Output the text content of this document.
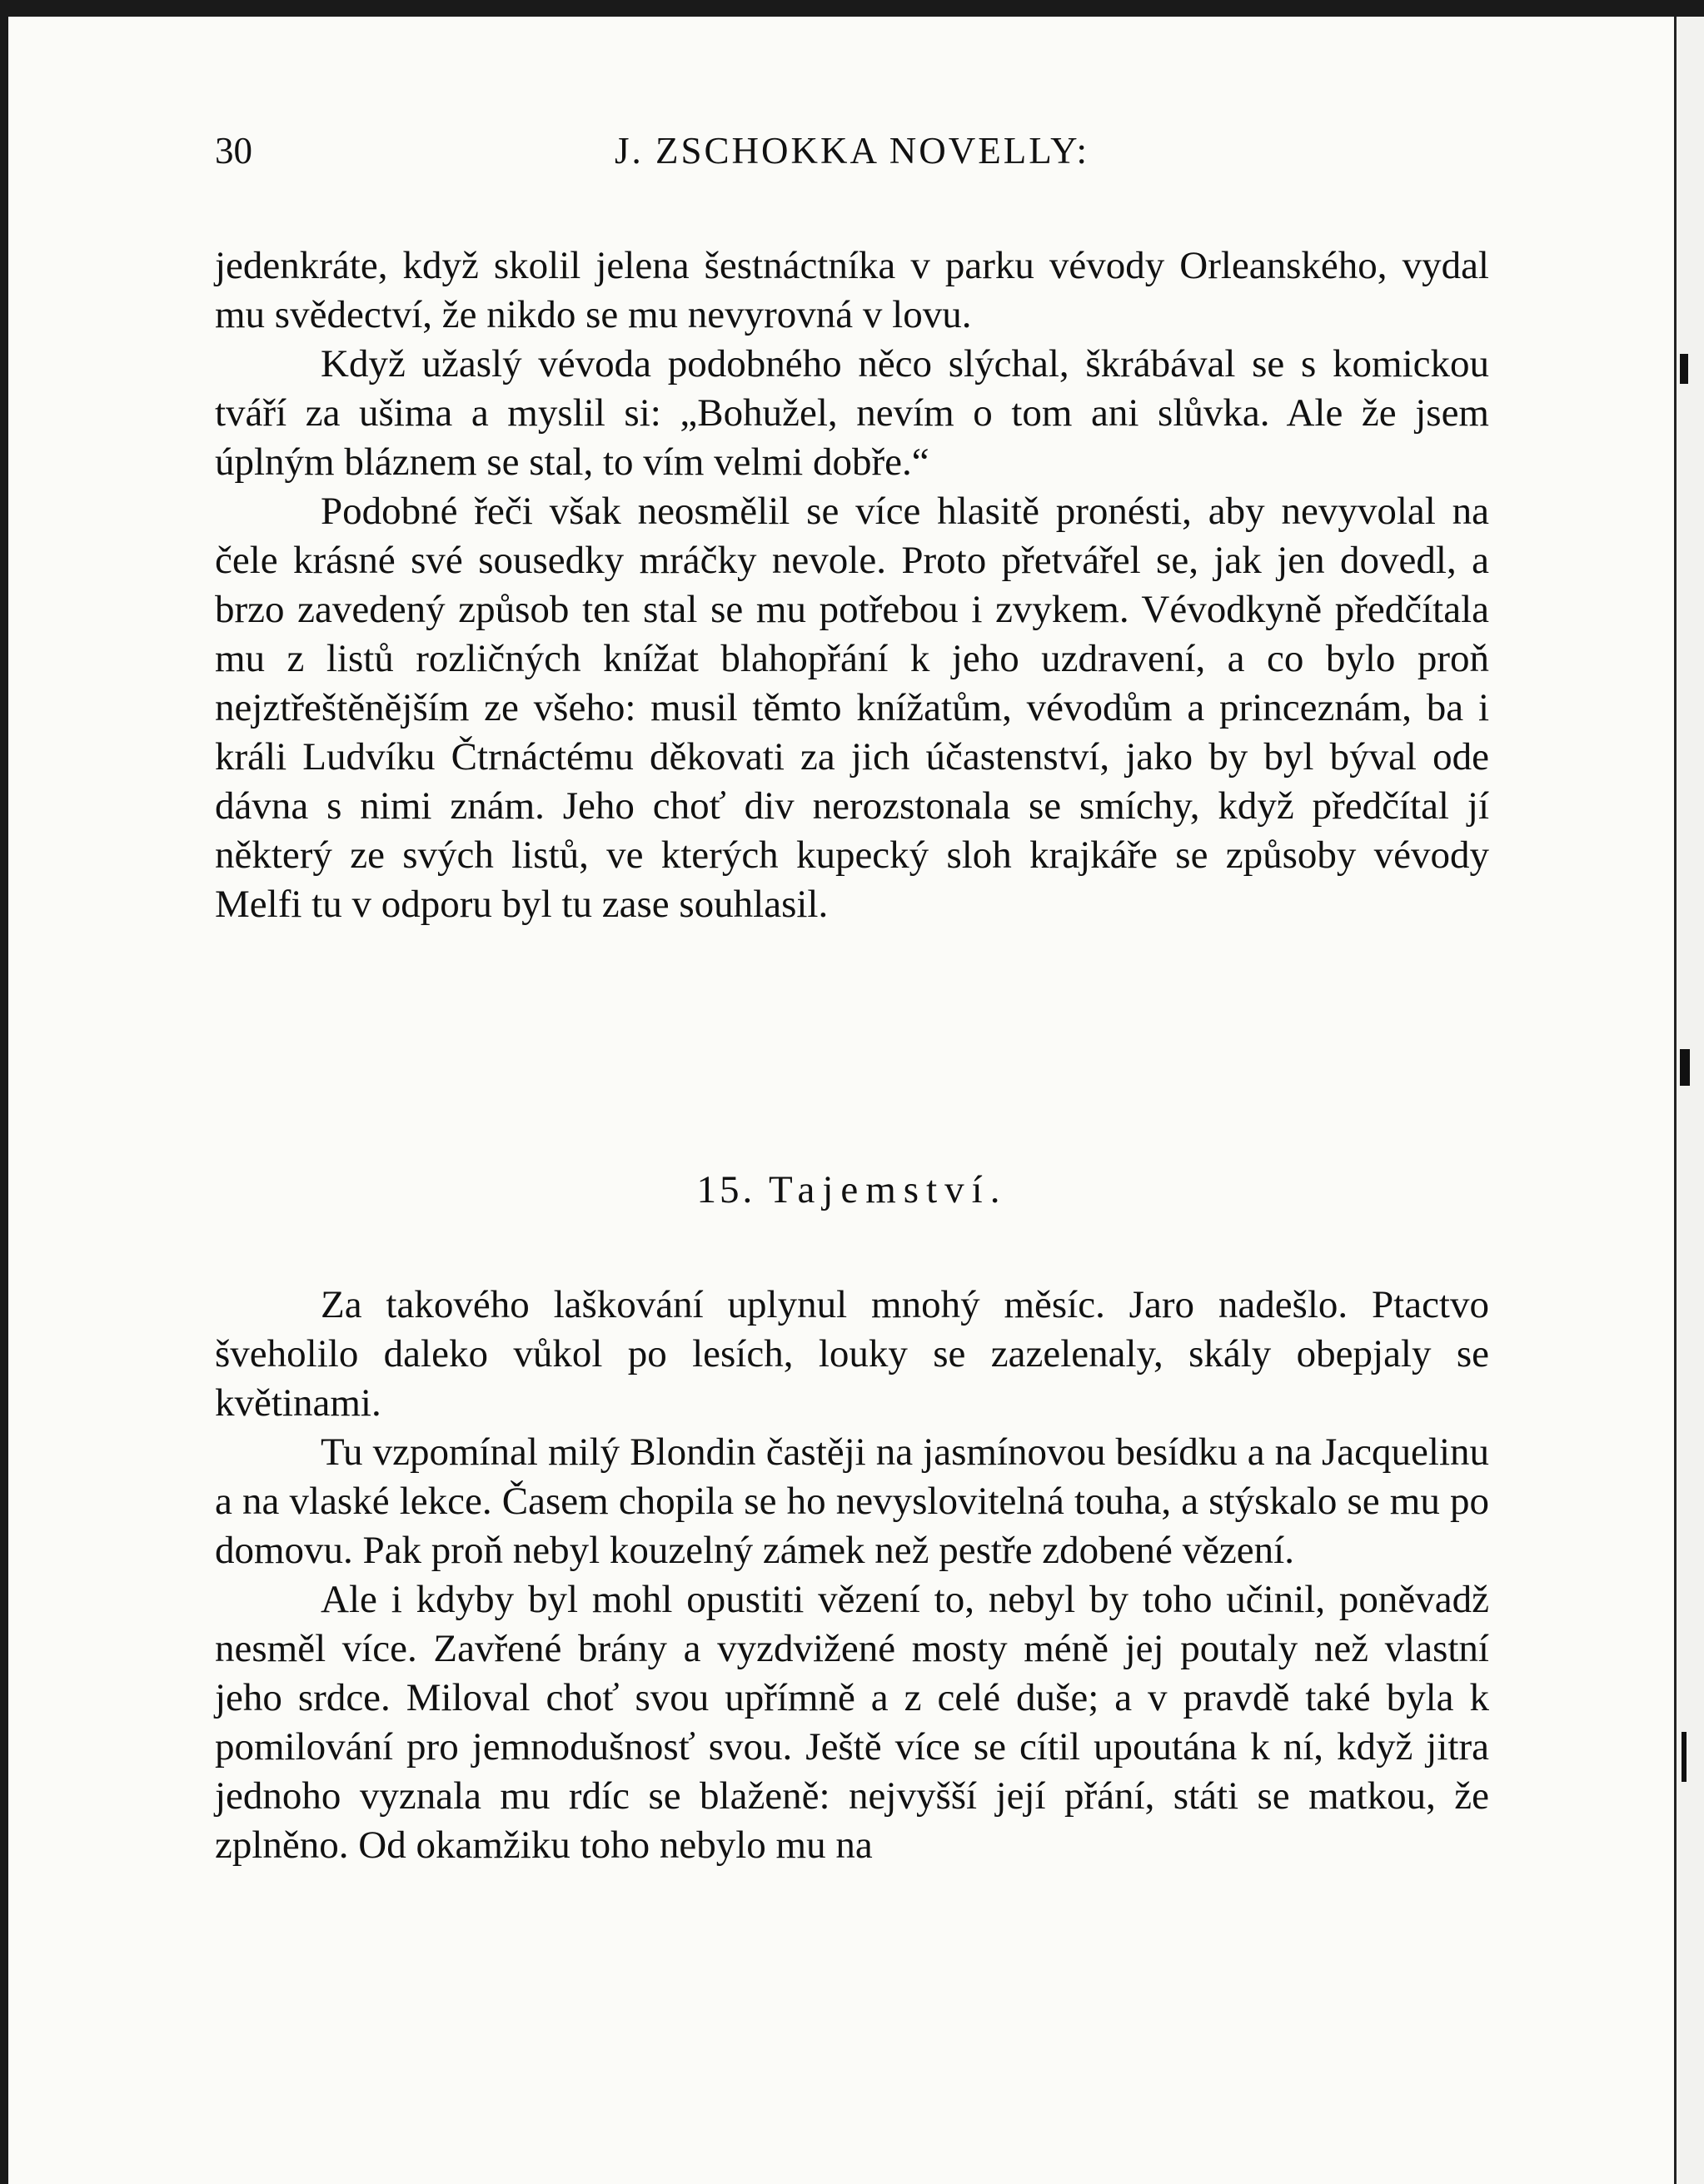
30	J. ZSCHOKKA NOVELLY:

jedenkráte, když skolil jelena šestnáctníka v parku vévody Orleanského, vydal mu svědectví, že nikdo se mu nevyrovná v lovu.

Když užaslý vévoda podobného něco slýchal, škrábával se s komickou tváří za ušima a myslil si: „Bohužel, nevím o tom ani slůvka. Ale že jsem úplným bláznem se stal, to vím velmi dobře.“

Podobné řeči však neosmělil se více hlasitě pronésti, aby nevyvolal na čele krásné své sousedky mráčky nevole. Proto přetvářel se, jak jen dovedl, a brzo zavedený způsob ten stal se mu potřebou i zvykem. Vévodkyně předčítala mu z listů rozličných knížat blahopřání k jeho uzdravení, a co bylo proň nejztřeštěnějším ze všeho: musil těmto knížatům, vévodům a princeznám, ba i králi Ludvíku Čtrnáctému děkovati za jich účastenství, jako by byl býval ode dávna s nimi znám. Jeho choť div nerozstonala se smíchy, když předčítal jí některý ze svých listů, ve kterých kupecký sloh krajkáře se způsoby vévody Melfi tu v odporu byl tu zase souhlasil.

15. Tajemství.

Za takového laškování uplynul mnohý měsíc. Jaro nadešlo. Ptactvo šveholilo daleko vůkol po lesích, louky se zazelenaly, skály obepjaly se květinami.

Tu vzpomínal milý Blondin častěji na jasmínovou besídku a na Jacquelinu a na vlaské lekce. Časem chopila se ho nevyslovitelná touha, a stýskalo se mu po domovu. Pak proň nebyl kouzelný zámek než pestře zdobené vězení.

Ale i kdyby byl mohl opustiti vězení to, nebyl by toho učinil, poněvadž nesměl více. Zavřené brány a vyzdvižené mosty méně jej poutaly než vlastní jeho srdce. Miloval choť svou upřímně a z celé duše; a v pravdě také byla k pomilování pro jemnodušnosť svou. Ještě více se cítil upoutána k ní, když jitra jednoho vyznala mu rdíc se blaženě: nejvyšší její přání, státi se matkou, že zplněno. Od okamžiku toho nebylo mu na
